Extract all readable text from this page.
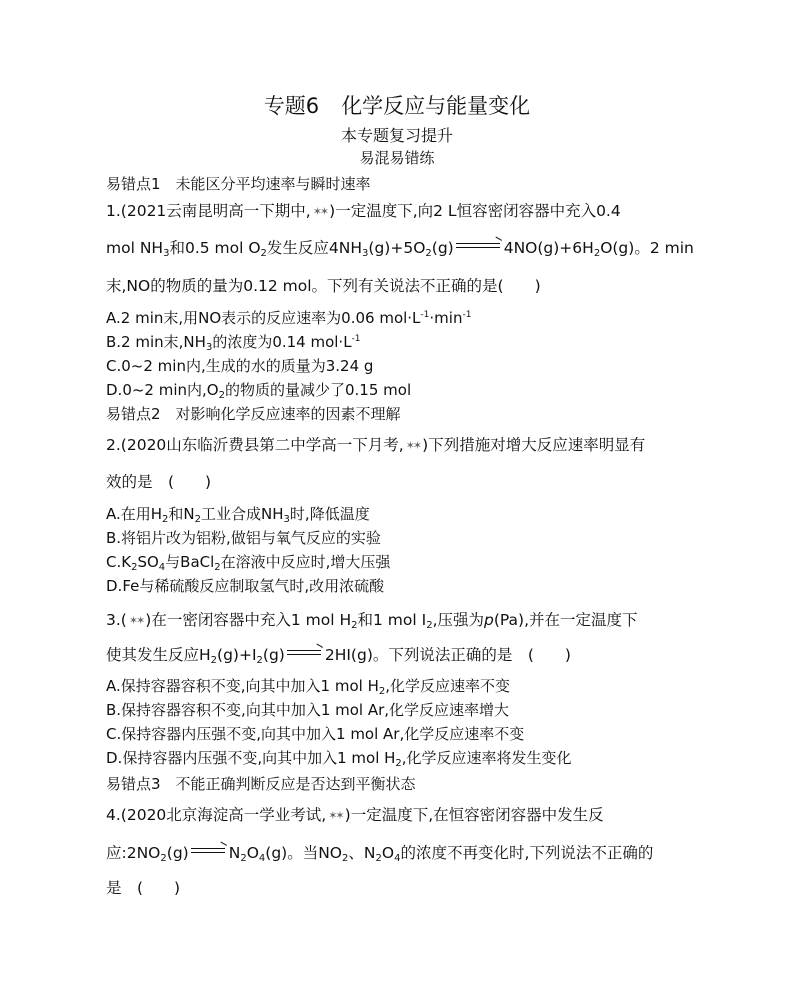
专题6 化学反应与能量变化
本专题复习提升
易混易错练
易错点1　未能区分平均速率与瞬时速率
1.(2021云南昆明高一下期中, ✶✶ )一定温度下,向2 L恒容密闭容器中充入0.4
mol $NH_3$和0.5 mol $O_2$发生反应$4NH_3(g)+5O_2(g) \to 4NO(g)+6H_2O(g)$。2 min
末,NO的物质的量为0.12 mol。下列有关说法不正确的是(　　)
A.2 min末,用NO表示的反应速率为0.06 $mol\cdot L^{-1}\cdot\min^{-1}$
B.2 min末$,NH_3$的浓度为0.14 $mol\cdot L^{-1}$
C.0~2 min内,生成的水的质量为3.24 g
D.0~2 min内$,O_2$的物质的量减少了0.15 mol
易错点2　对影响化学反应速率的因素不理解
2.(2020山东临沂费县第二中学高一下月考, ✶✶ )下列措施对增大反应速率明显有
效的是　(　　)
A.在用$H_2$和$N_2$工业合成$NH_3$时,降低温度
B.将铝片改为铝粉,做铝与氧气反应的实验
$C.K_2SO_4$与BaCl$_2$在溶液中反应时,增大压强
D.Fe与稀硫酸反应制取氢气时,改用浓硫酸
3.( ✶✶ )在一密闭容器中充入1 mol $H_2$和1 mol $I_2$,压强为p(Pa),并在一定温度下
使其发生反应$H_2(g)+I_2(g) \to 2HI(g)$。下列说法正确的是　(　　)
A.保持容器容积不变,向其中加入1 mol $H_2$,化学反应速率不变
B.保持容器容积不变,向其中加入1 mol Ar,化学反应速率增大
C.保持容器内压强不变,向其中加入1 mol Ar,化学反应速率不变
D.保持容器内压强不变,向其中加入1 mol $H_2$,化学反应速率将发生变化
易错点3　不能正确判断反应是否达到平衡状态
4.(2020北京海淀高一学业考试, ✶✶ )一定温度下,在恒容密闭容器中发生反
应$:2NO_2(g) \to N_2O_4(g)$。当$NO_2$、$N_2O_4$的浓度不再变化时,下列说法不正确的
是　(　　)
